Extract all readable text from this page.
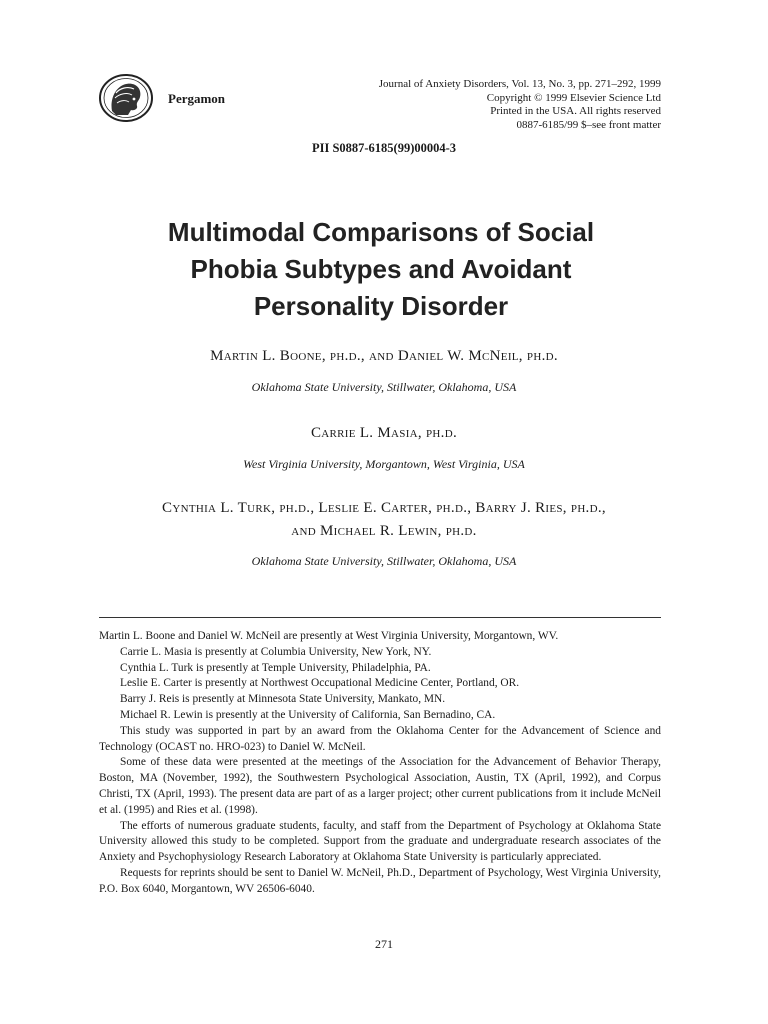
Pergamon
Journal of Anxiety Disorders, Vol. 13, No. 3, pp. 271–292, 1999
Copyright © 1999 Elsevier Science Ltd
Printed in the USA. All rights reserved
0887-6185/99 $–see front matter
PII S0887-6185(99)00004-3
Multimodal Comparisons of Social
Phobia Subtypes and Avoidant
Personality Disorder
Martin L. Boone, ph.d., and Daniel W. McNeil, ph.d.
Oklahoma State University, Stillwater, Oklahoma, USA
Carrie L. Masia, ph.d.
West Virginia University, Morgantown, West Virginia, USA
Cynthia L. Turk, ph.d., Leslie E. Carter, ph.d., Barry J. Ries, ph.d.,
and Michael R. Lewin, ph.d.
Oklahoma State University, Stillwater, Oklahoma, USA

Martin L. Boone and Daniel W. McNeil are presently at West Virginia University, Morgantown, WV.

Carrie L. Masia is presently at Columbia University, New York, NY.

Cynthia L. Turk is presently at Temple University, Philadelphia, PA.

Leslie E. Carter is presently at Northwest Occupational Medicine Center, Portland, OR.

Barry J. Reis is presently at Minnesota State University, Mankato, MN.

Michael R. Lewin is presently at the University of California, San Bernadino, CA.

This study was supported in part by an award from the Oklahoma Center for the Advancement of Science and Technology (OCAST no. HRO-023) to Daniel W. McNeil.

Some of these data were presented at the meetings of the Association for the Advancement of Behavior Therapy, Boston, MA (November, 1992), the Southwestern Psychological Association, Austin, TX (April, 1992), and Corpus Christi, TX (April, 1993). The present data are part of as a larger project; other current publications from it include McNeil et al. (1995) and Ries et al. (1998).

The efforts of numerous graduate students, faculty, and staff from the Department of Psychology at Oklahoma State University allowed this study to be completed. Support from the graduate and undergraduate research associates of the Anxiety and Psychophysiology Research Laboratory at Oklahoma State University is particularly appreciated.

Requests for reprints should be sent to Daniel W. McNeil, Ph.D., Department of Psychology, West Virginia University, P.O. Box 6040, Morgantown, WV 26506-6040.

271
